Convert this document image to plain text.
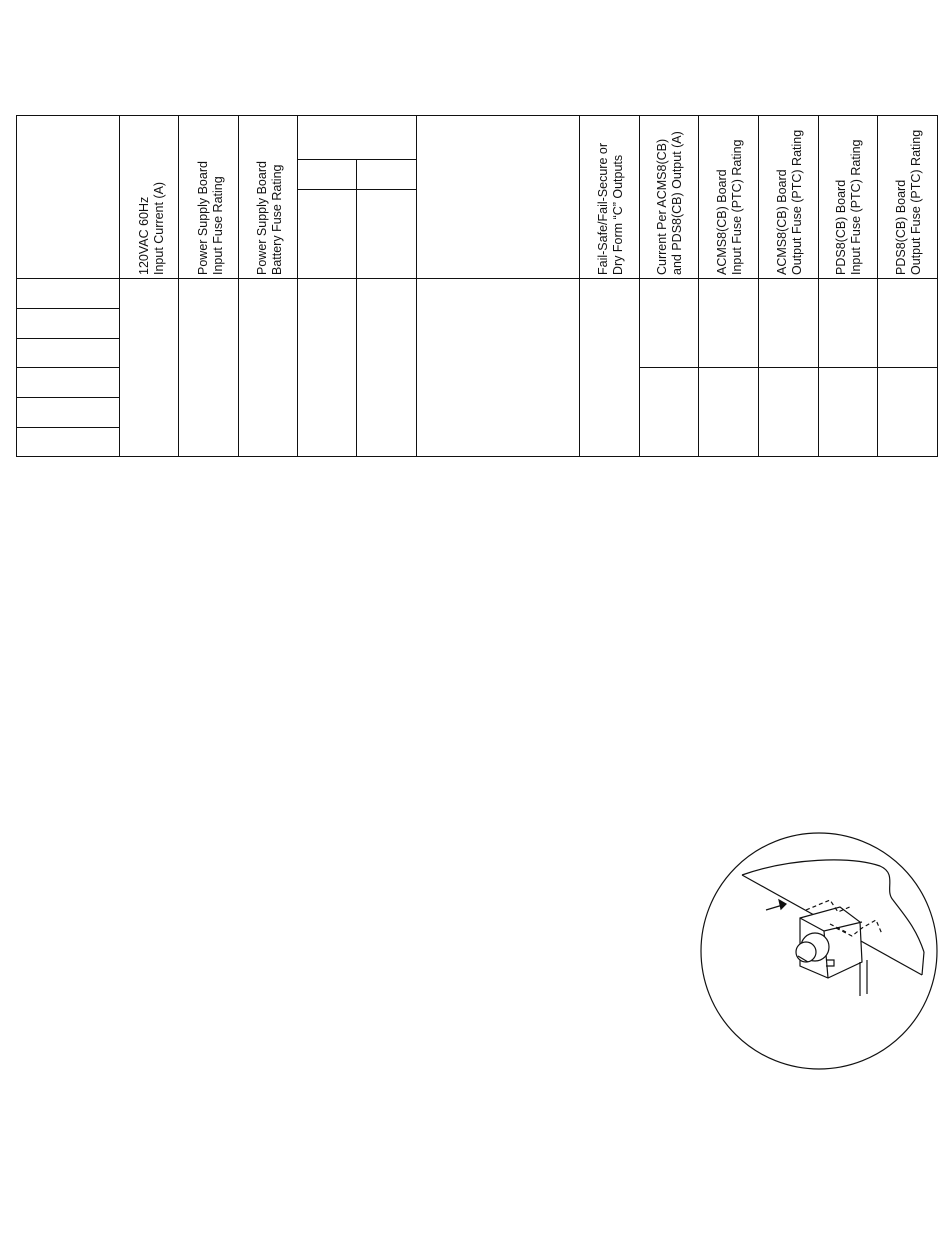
120VAC 60Hz Input Current (A) Power Supply Board Input Fuse Rating Power Supply Board Battery Fuse Rating	Fail-Safe/Fail-Secure or Dry Form “C” Outputs Current Per ACMS8(CB) and PDS8(CB) Output (A) ACMS8(CB) Board Input Fuse (PTC) Rating ACMS8(CB) Board Output Fuse (PTC) Rating PDS8(CB) Board Input Fuse (PTC) Rating PDS8(CB) Board Output Fuse (PTC) Rating
